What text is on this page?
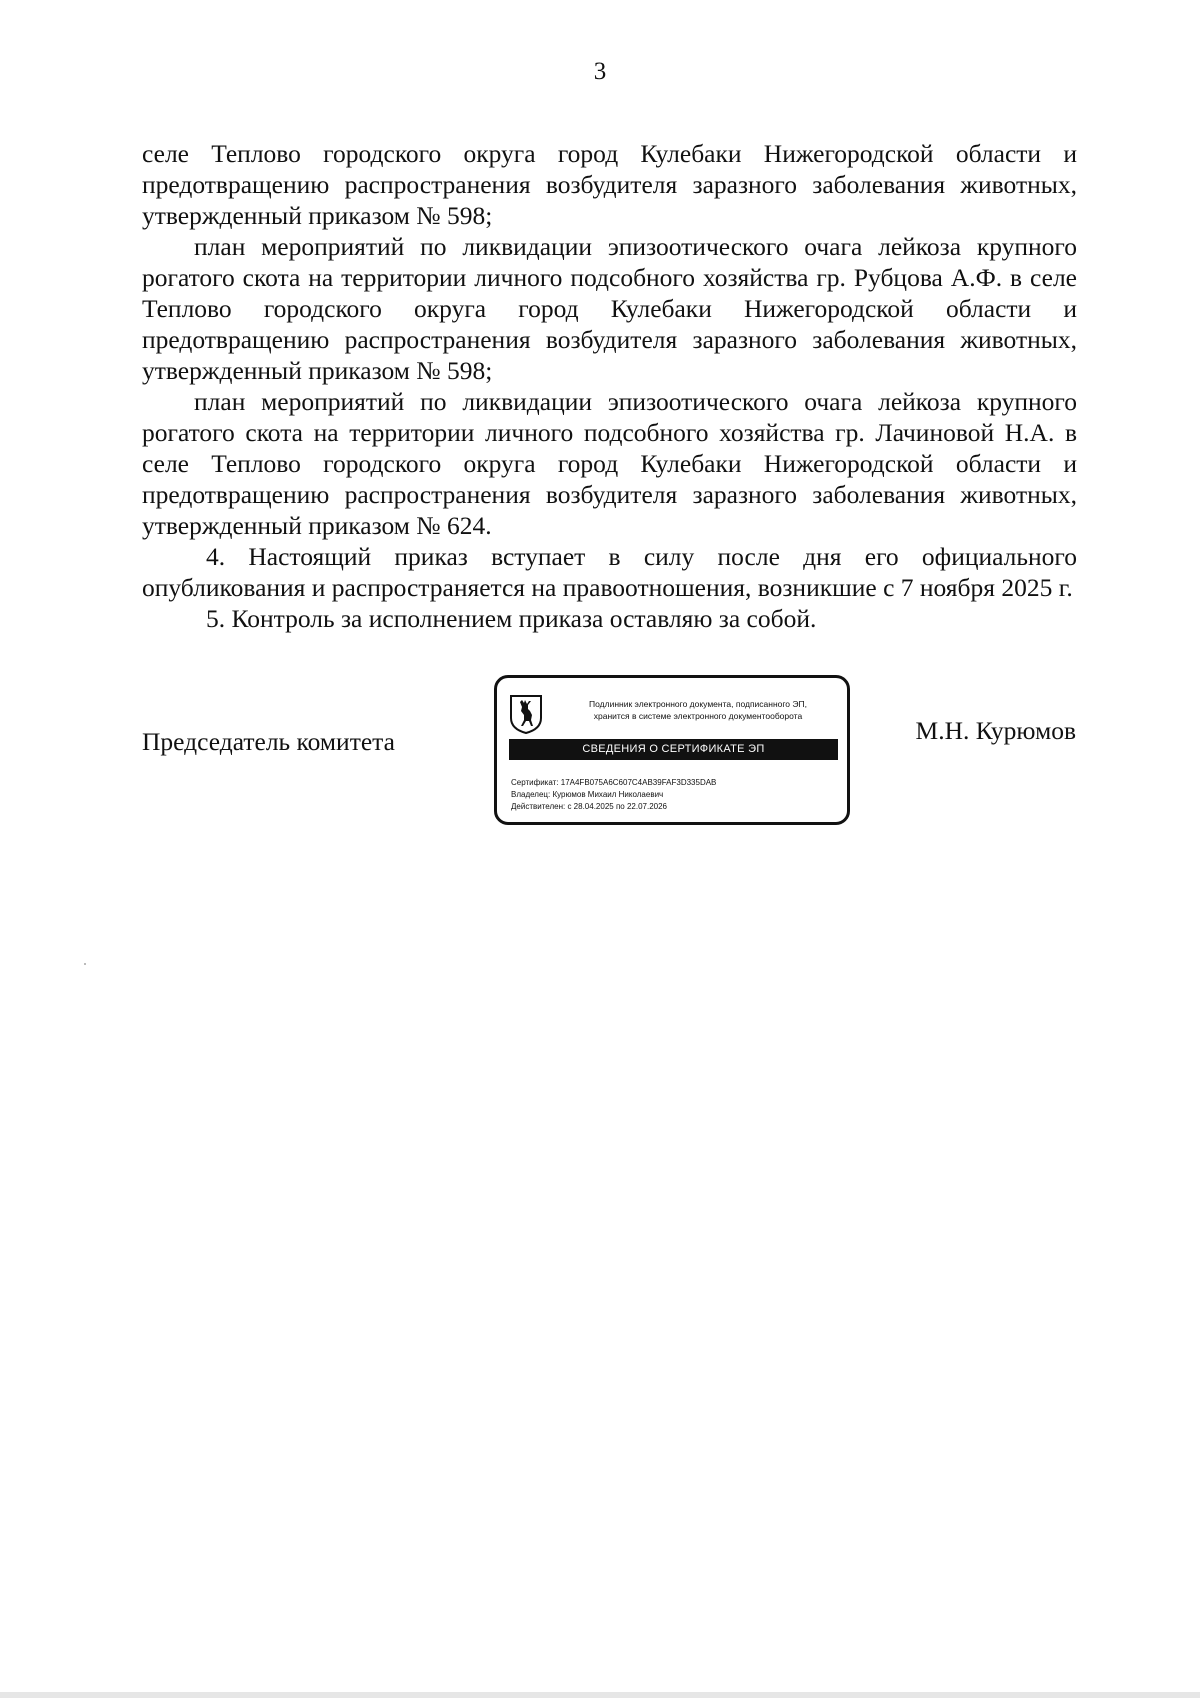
3

селе Теплово городского округа город Кулебаки Нижегородской области и предотвращению распространения возбудителя заразного заболевания животных, утвержденный приказом № 598;

план мероприятий по ликвидации эпизоотического очага лейкоза крупного рогатого скота на территории личного подсобного хозяйства гр. Рубцова А.Ф. в селе Теплово городского округа город Кулебаки Нижегородской области и предотвращению распространения возбудителя заразного заболевания животных, утвержденный приказом № 598;

план мероприятий по ликвидации эпизоотического очага лейкоза крупного рогатого скота на территории личного подсобного хозяйства гр. Лачиновой Н.А. в селе Теплово городского округа город Кулебаки Нижегородской области и предотвращению распространения возбудителя заразного заболевания животных, утвержденный приказом № 624.

4. Настоящий приказ вступает в силу после дня его официального опубликования и распространяется на правоотношения, возникшие с 7 ноября 2025 г.

5. Контроль за исполнением приказа оставляю за собой.

Председатель комитета
Подлинник электронного документа, подписанного ЭП,
хранится в системе электронного документооборота
СВЕДЕНИЯ О СЕРТИФИКАТЕ ЭП
Сертификат: 17A4FB075A6C607C4AB39FAF3D335DAB
Владелец: Курюмов Михаил Николаевич
Действителен: с 28.04.2025 по 22.07.2026
М.Н. Курюмов
